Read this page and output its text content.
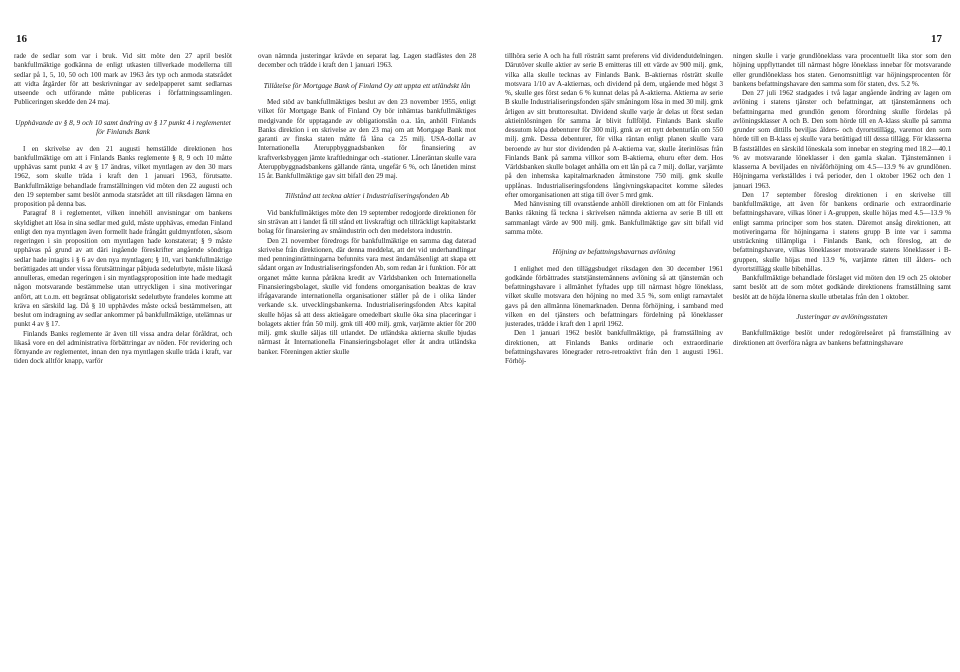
16	17

rade de sedlar som var i bruk. Vid sitt möte den 27 april beslöt bankfullmäktige godkänna de enligt utkasten tillverkade modellerna till sedlar på 1, 5, 10, 50 och 100 mark av 1963 års typ och anmoda statsrådet att vidta åtgärder för att beskrivningar av sedelpapperet samt sedlarnas utseende och utförande måtte publiceras i författningssamlingen. Publiceringen skedde den 24 maj.

Upphävande av § 8, 9 och 10 samt ändring av § 17 punkt 4 i reglementet för Finlands Bank

I en skrivelse av den 21 augusti hemställde direktionen hos bankfullmäktige om att i Finlands Banks reglemente § 8, 9 och 10 måtte upphävas samt punkt 4 av § 17 ändras, vilket myntlagen av den 30 mars 1962, som skulle träda i kraft den 1 januari 1963, förutsatte. Bankfullmäktige behandlade framställningen vid möten den 22 augusti och den 19 september samt beslöt anmoda statsrådet att till riksdagen lämna en proposition på denna bas.

Paragraf 8 i reglementet, vilken innehöll anvisningar om bankens skyldighet att lösa in sina sedlar med guld, måste upphävas, emedan Finland enligt den nya myntlagen även formellt hade frångått guldmyntfoten, såsom regeringen i sin proposition om myntlagen hade konstaterat; § 9 måste upphävas på grund av att däri ingående föreskrifter angående söndriga sedlar hade intagits i § 6 av den nya myntlagen; § 10, vari bankfullmäktige berättigades att under vissa förutsättningar påbjuda sedelutbyte, måste likaså annulleras, emedan regeringen i sin myntlagsproposition inte hade medtagit någon motsvarande bestämmelse utan uttryckligen i sina motiveringar anfört, att t.o.m. ett begränsat obligatoriskt sedelutbyte frandeles komme att kräva en särskild lag. Då § 10 upphävdes måste också bestämmelsen, att beslut om indragning av sedlar ankommer på bankfullmäktige, utelämnas ur punkt 4 av § 17.

Finlands Banks reglemente är även till vissa andra delar föråldrat, och likaså vore en del administrativa förbättringar av nöden. För revidering och förnyande av reglementet, innan den nya myntlagen skulle träda i kraft, var tiden dock alltför knapp, varför

ovan nämnda justeringar krävde en separat lag. Lagen stadfästes den 28 december och trädde i kraft den 1 januari 1963.

Tillåtelse för Mortgage Bank of Finland Oy att uppta ett utländskt lån

Med stöd av bankfullmäktiges beslut av den 23 november 1955, enligt vilket för Mortgage Bank of Finland Oy bör inhämtas bankfullmäktiges medgivande för upptagande av obligationslån o.a. lån, anhöll Finlands Banks direktion i en skrivelse av den 23 maj om att Mortgage Bank mot garanti av finska staten måtte få låna ca 25 milj. USA-dollar av Internationella Återuppbyggnadsbanken för finansiering av kraftverksbyggen jämte kraftledningar och -stationer. Låneräntan skulle vara Återuppbyggnadsbankens gällande ränta, ungefär 6 %, och lånetiden minst 15 år. Bankfullmäktige gav sitt bifall den 29 maj.

Tillstånd att teckna aktier i Industrialiseringsfonden Ab

Vid bankfullmäktiges möte den 19 september redogjorde direktionen för sin strävan att i landet få till stånd ett livskraftigt och tillräckligt kapitalstarkt bolag för finansiering av småindustrin och den medelstora industrin.

Den 21 november föredrogs för bankfullmäktige en samma dag daterad skrivelse från direktionen, där denna meddelat, att det vid underhandlingar med penninginrättningarna befunnits vara mest ändamålsenligt att skapa ett sådant organ av Industrialiseringsfonden Ab, som redan är i funktion. För att organet måtte kunna påräkna kredit av Världsbanken och Internationella Finansieringsbolaget, skulle vid fondens omorganisation beaktas de krav ifrågavarande internationella organisationer ställer på de i olika länder verkande s.k. utvecklingsbankerna. Industrialiseringsfonden Ab:s kapital skulle höjas så att dess aktieägare omedelbart skulle öka sina placeringar i bolagets aktier från 50 milj. gmk till 400 milj. gmk, varjämte aktier för 200 milj. gmk skulle säljas till utlandet. De utländska aktierna skulle bjudas närmast åt Internationella Finansieringsbolaget eller åt andra utländska banker. Föreningen aktier skulle

tillhöra serie A och ha full rösträtt samt preferens vid dividendutdelningen. Därutöver skulle aktier av serie B emitteras till ett värde av 900 milj. gmk, vilka alla skulle tecknas av Finlands Bank. B-aktiernas rösträtt skulle motsvara 1/10 av A-aktiernas, och dividend på dem, utgående med högst 3 %, skulle ges först sedan 6 % kunnat delas på A-aktierna. Aktierna av serie B skulle Industrialiseringsfonden själv småningom lösa in med 30 milj. gmk årligen av sitt bruttoresultat. Dividend skulle varje år delas ut först sedan aktieinlösningen för samma år blivit fullföljd. Finlands Bank skulle dessutom köpa debenturer för 300 milj. gmk av ett nytt debenturlån om 550 milj. gmk. Dessa debenturer, för vilka räntan enligt planen skulle vara beroende av hur stor dividenden på A-aktierna var, skulle återinlösas från Finlands Bank på samma villkor som B-aktierna, ehuru efter dem. Hos Världsbanken skulle bolaget anhålla om ett lån på ca 7 milj. dollar, varjämte på den inhemska kapitalmarknaden åtminstone 750 milj. gmk skulle upplånas. Industrialiseringsfondens långivningskapacitet komme således efter omorganisationen att stiga till över 5 mrd gmk.

Med hänvisning till ovanstående anhöll direktionen om att för Finlands Banks räkning få teckna i skrivelsen nämnda aktierna av serie B till ett sammanlagt värde av 900 milj. gmk. Bankfullmäktige gav sitt bifall vid samma möte.

Höjning av befattningshavarnas avlöning

I enlighet med den tilläggsbudget riksdagen den 30 december 1961 godkände förbättrades statstjänstemännens avlöning så att tjänstemän och befattningshavare i allmänhet fyftades upp till närmast högre löneklass, vilket skulle motsvara den höjning no med 3.5 %, som enligt ramavtalet gavs på den allmänna lönemarknaden. Denna förhöjning, i samband med vilken en del tjänsters och befattningars fördelning på löneklasser justerades, trädde i kraft den 1 april 1962.

Den 1 januari 1962 beslöt bankfullmäktige, på framställning av direktionen, att Finlands Banks ordinarie och extraordinarie befattningshavares lönegrader retro-retroaktivt från den 1 augusti 1961. Förhöj-

ningen skulle i varje grundlöneklass vara procentuellt lika stor som den höjning uppflyttandet till närmast högre löneklass innebar för motsvarande eller grundlöneklass hos staten. Genomsnittligt var höjningsprocenten för bankens befattningshavare den samma som för staten, dvs. 5.2 %.

Den 27 juli 1962 stadgades i två lagar angående ändring av lagen om avlöning i statens tjänster och befattningar, att tjänstemännens och befattningarna med grundlön genom förordning skulle fördelas på avlöningsklasser A och B. Den som hörde till en A-klass skulle på samma grunder som dittills beviljas ålders- och dyrortstillägg, varemot den som hörde till en B-klass ej skulle vara berättigad till dessa tillägg. För klasserna B fastställdes en särskild löneskala som innebar en stegring med 18.2—40.1 % av motsvarande löneklasser i den gamla skalan. Tjänstemännen i klasserna A beviljades en nivåförhöjning om 4.5—13.9 % av grundlönen. Höjningarna verkställdes i två perioder, den 1 oktober 1962 och den 1 januari 1963.

Den 17 september föreslog direktionen i en skrivelse till bankfullmäktige, att även för bankens ordinarie och extraordinarie befattningshavare, vilkas löner i A-gruppen, skulle höjas med 4.5—13.9 % enligt samma principer som hos staten. Däremot ansåg direktionen, att motiveringarna för höjningarna i statens grupp B inte var i samma utsträckning tillämpliga i Finlands Bank, och föreslog, att de befattningshavare, vilkas löneklasser motsvarade statens löneklasser i B-gruppen, skulle höjas med 13.9 %, varjämte rätten till ålders- och dyrortstillägg skulle bibehållas.

Bankfullmäktige behandlade förslaget vid möten den 19 och 25 oktober samt beslöt att de som mötet godkände direktionens framställning samt beslöt att de höjda lönerna skulle utbetalas från den 1 oktober.

Justeringar av avlöningsstaten

Bankfullmäktige beslöt under redogörelseåret på framställning av direktionen att överföra några av bankens befattningshavare
